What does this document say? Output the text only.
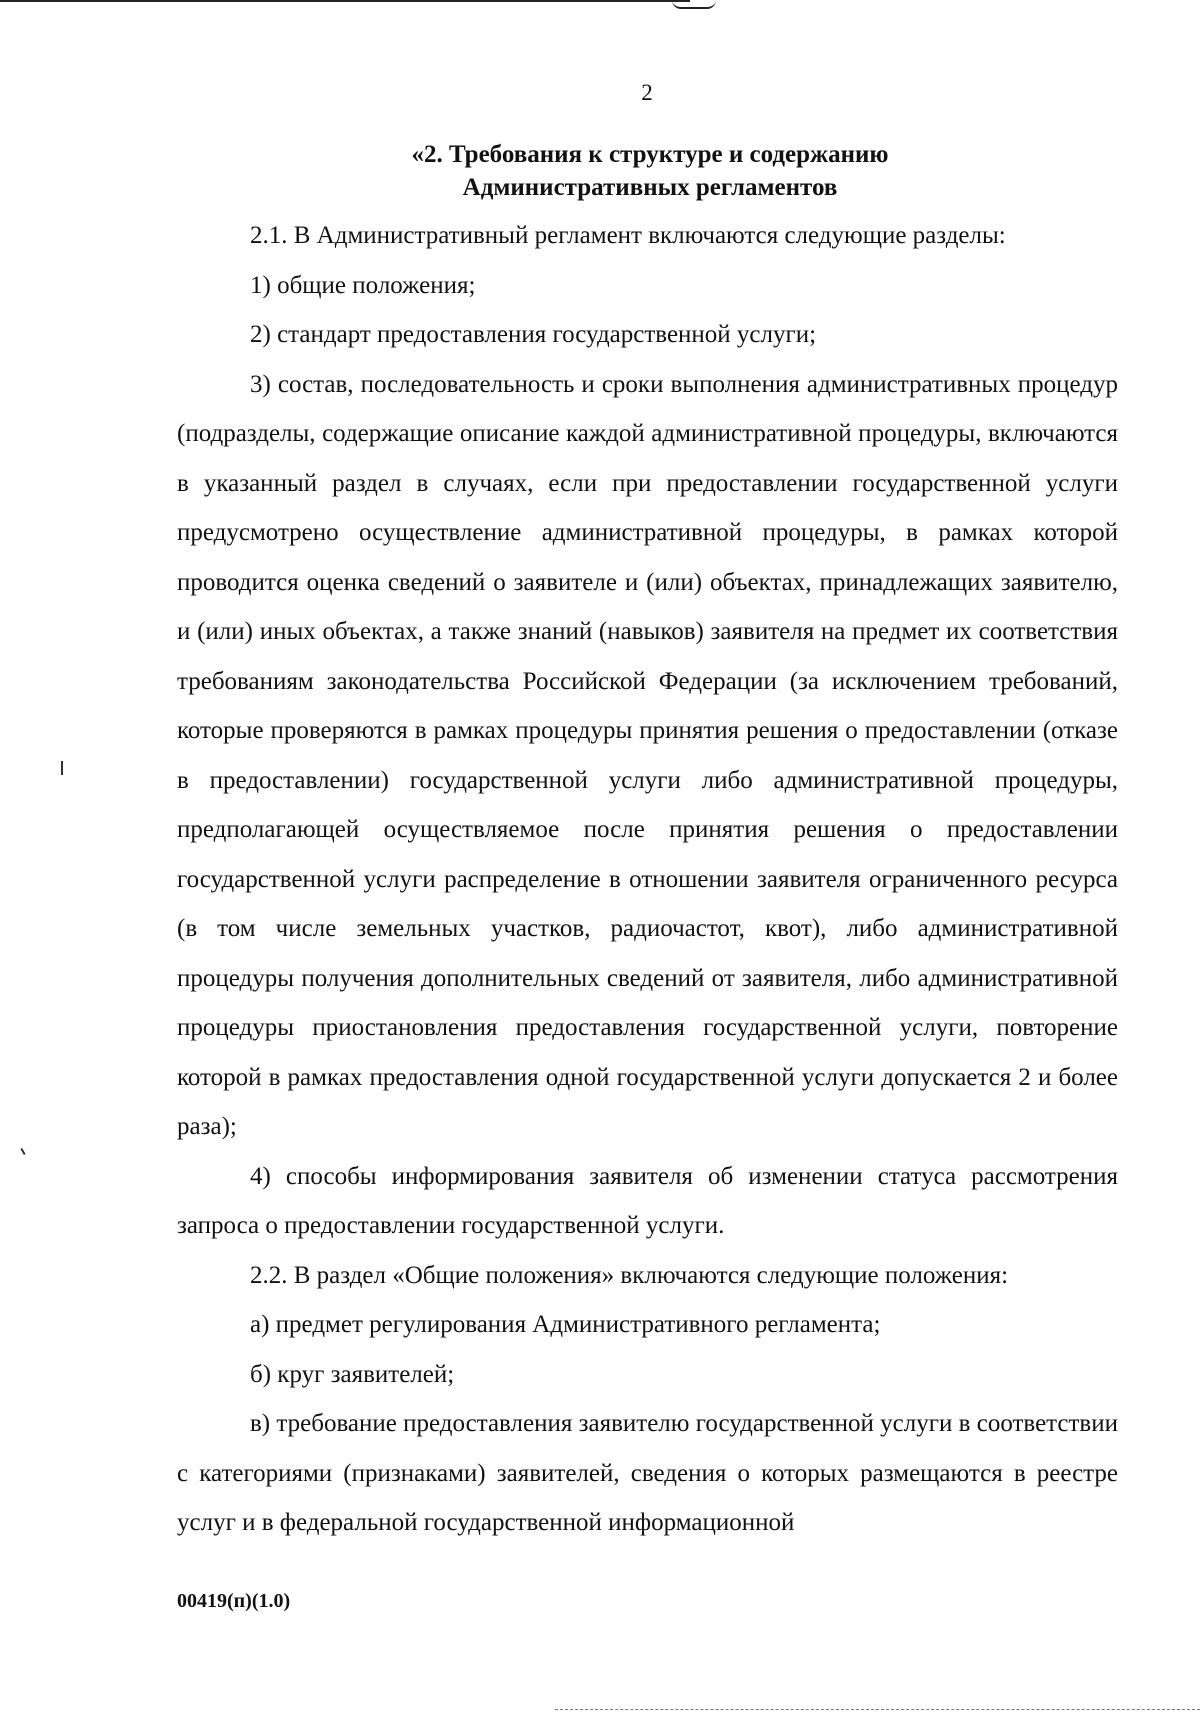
2
«2. Требования к структуре и содержанию
Административных регламентов

2.1. В Административный регламент включаются следующие разделы:

1) общие положения;

2) стандарт предоставления государственной услуги;

3) состав, последовательность и сроки выполнения административных процедур (подразделы, содержащие описание каждой административной процедуры, включаются в указанный раздел в случаях, если при предоставлении государственной услуги предусмотрено осуществление административной процедуры, в рамках которой проводится оценка сведений о заявителе и (или) объектах, принадлежащих заявителю, и (или) иных объектах, а также знаний (навыков) заявителя на предмет их соответствия требованиям законодательства Российской Федерации (за исключением требований, которые проверяются в рамках процедуры принятия решения о предоставлении (отказе в предоставлении) государственной услуги либо административной процедуры, предполагающей осуществляемое после принятия решения о предоставлении государственной услуги распределение в отношении заявителя ограниченного ресурса (в том числе земельных участков, радиочастот, квот), либо административной процедуры получения дополнительных сведений от заявителя, либо административной процедуры приостановления предоставления государственной услуги, повторение которой в рамках предоставления одной государственной услуги допускается 2 и более раза);

4) способы информирования заявителя об изменении статуса рассмотрения запроса о предоставлении государственной услуги.

2.2. В раздел «Общие положения» включаются следующие положения:

а) предмет регулирования Административного регламента;

б) круг заявителей;

в) требование предоставления заявителю государственной услуги в соответствии с категориями (признаками) заявителей, сведения о которых размещаются в реестре услуг и в федеральной государственной информационной

00419(п)(1.0)
